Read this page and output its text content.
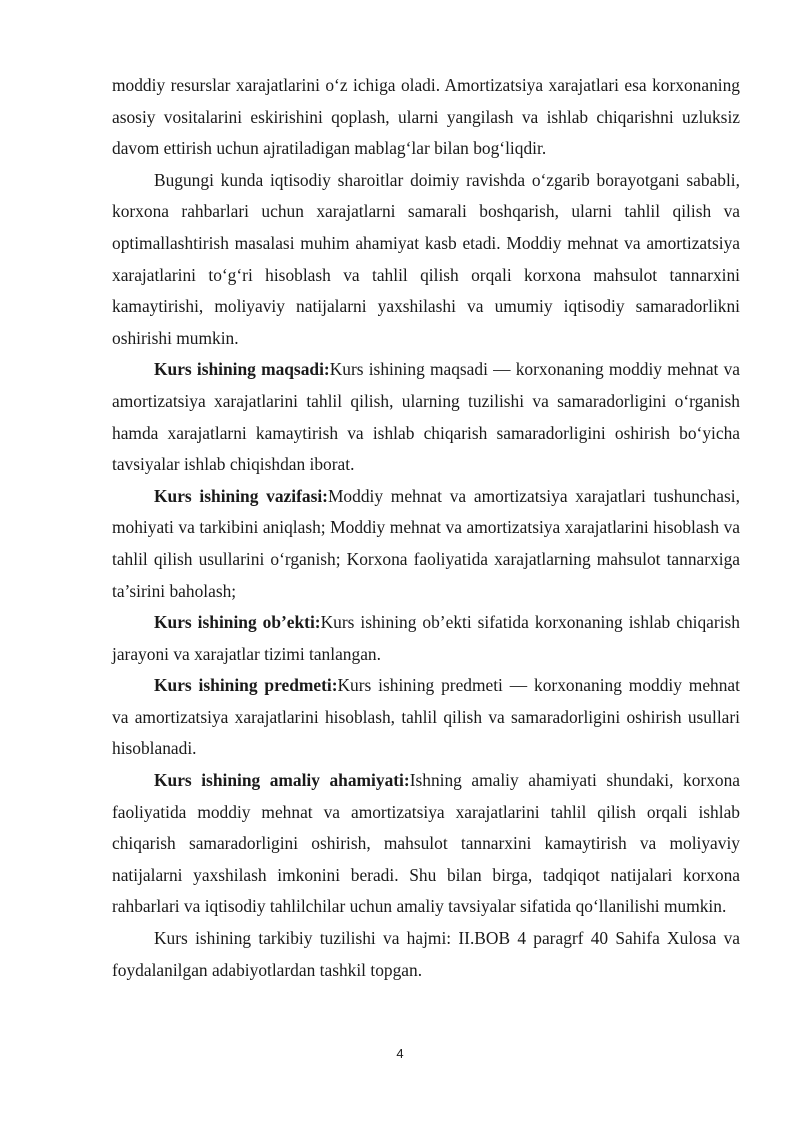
moddiy resurslar xarajatlarini o‘z ichiga oladi. Amortizatsiya xarajatlari esa korxonaning asosiy vositalarini eskirishini qoplash, ularni yangilash va ishlab chiqarishni uzluksiz davom ettirish uchun ajratiladigan mablag‘lar bilan bog‘liqdir.

Bugungi kunda iqtisodiy sharoitlar doimiy ravishda o‘zgarib borayotgani sababli, korxona rahbarlari uchun xarajatlarni samarali boshqarish, ularni tahlil qilish va optimallashtirish masalasi muhim ahamiyat kasb etadi. Moddiy mehnat va amortizatsiya xarajatlarini to‘g‘ri hisoblash va tahlil qilish orqali korxona mahsulot tannarxini kamaytirishi, moliyaviy natijalarni yaxshilashi va umumiy iqtisodiy samaradorlikni oshirishi mumkin.

Kurs ishining maqsadi:Kurs ishining maqsadi — korxonaning moddiy mehnat va amortizatsiya xarajatlarini tahlil qilish, ularning tuzilishi va samaradorligini o‘rganish hamda xarajatlarni kamaytirish va ishlab chiqarish samaradorligini oshirish bo‘yicha tavsiyalar ishlab chiqishdan iborat.

Kurs ishining vazifasi:Moddiy mehnat va amortizatsiya xarajatlari tushunchasi, mohiyati va tarkibini aniqlash; Moddiy mehnat va amortizatsiya xarajatlarini hisoblash va tahlil qilish usullarini o‘rganish; Korxona faoliyatida xarajatlarning mahsulot tannarxiga ta’sirini baholash;

Kurs ishining ob’ekti:Kurs ishining ob’ekti sifatida korxonaning ishlab chiqarish jarayoni va xarajatlar tizimi tanlangan.

Kurs ishining predmeti:Kurs ishining predmeti — korxonaning moddiy mehnat va amortizatsiya xarajatlarini hisoblash, tahlil qilish va samaradorligini oshirish usullari hisoblanadi.

Kurs ishining amaliy ahamiyati:Ishning amaliy ahamiyati shundaki, korxona faoliyatida moddiy mehnat va amortizatsiya xarajatlarini tahlil qilish orqali ishlab chiqarish samaradorligini oshirish, mahsulot tannarxini kamaytirish va moliyaviy natijalarni yaxshilash imkonini beradi. Shu bilan birga, tadqiqot natijalari korxona rahbarlari va iqtisodiy tahlilchilar uchun amaliy tavsiyalar sifatida qo‘llanilishi mumkin.

Kurs ishining tarkibiy tuzilishi va hajmi: II.BOB 4 paragrf 40 Sahifa Xulosa va foydalanilgan adabiyotlardan tashkil topgan.

4
